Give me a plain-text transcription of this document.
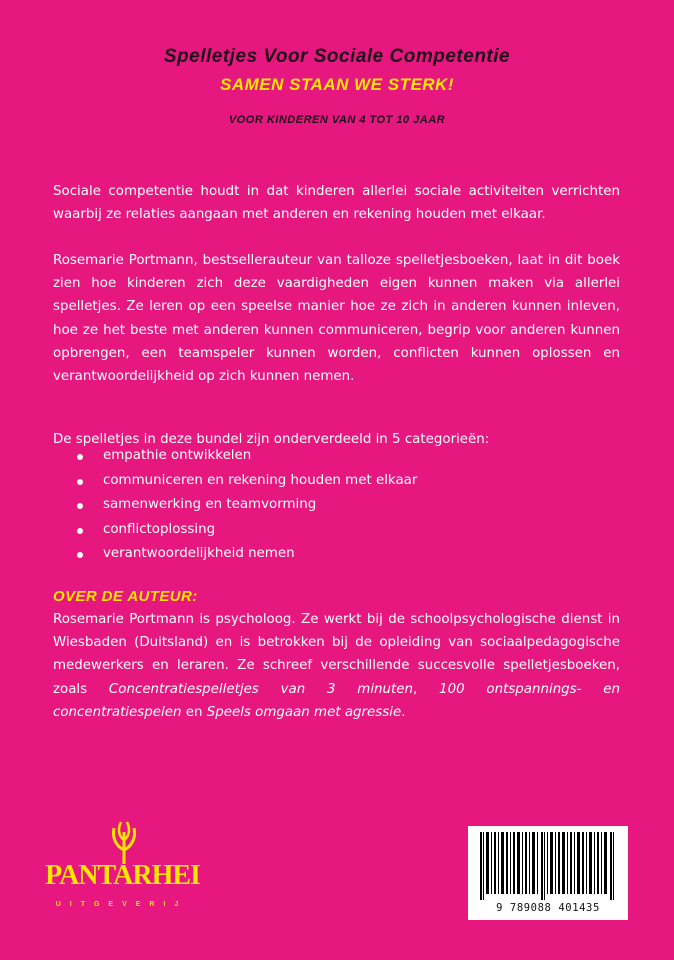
Spelletjes Voor Sociale Competentie
SAMEN STAAN WE STERK!
VOOR KINDEREN VAN 4 TOT 10 JAAR

Sociale competentie houdt in dat kinderen allerlei sociale activiteiten verrichten waarbij ze relaties aangaan met anderen en rekening houden met elkaar.

Rosemarie Portmann, bestsellerauteur van talloze spelletjesboeken, laat in dit boek zien hoe kinderen zich deze vaardigheden eigen kunnen maken via allerlei spelletjes. Ze leren op een speelse manier hoe ze zich in anderen kunnen inleven, hoe ze het beste met anderen kunnen communiceren, begrip voor anderen kunnen opbrengen, een teamspeler kunnen worden, conflicten kunnen oplossen en verantwoordelijkheid op zich kunnen nemen.

De spelletjes in deze bundel zijn onderverdeeld in 5 categorieën:

empathie ontwikkelen
communiceren en rekening houden met elkaar
samenwerking en teamvorming
conflictoplossing
verantwoordelijkheid nemen
OVER DE AUTEUR:

Rosemarie Portmann is psycholoog. Ze werkt bij de schoolpsychologische dienst in Wiesbaden (Duitsland) en is betrokken bij de opleiding van sociaalpedagogische medewerkers en leraren. Ze schreef verschillende succesvolle spelletjesboeken, zoals Concentratiespelletjes van 3 minuten, 100 ontspannings- en concentratiespelen en Speels omgaan met agressie.

PANTARHEI
UITGEVERIJ	9 789088 401435
